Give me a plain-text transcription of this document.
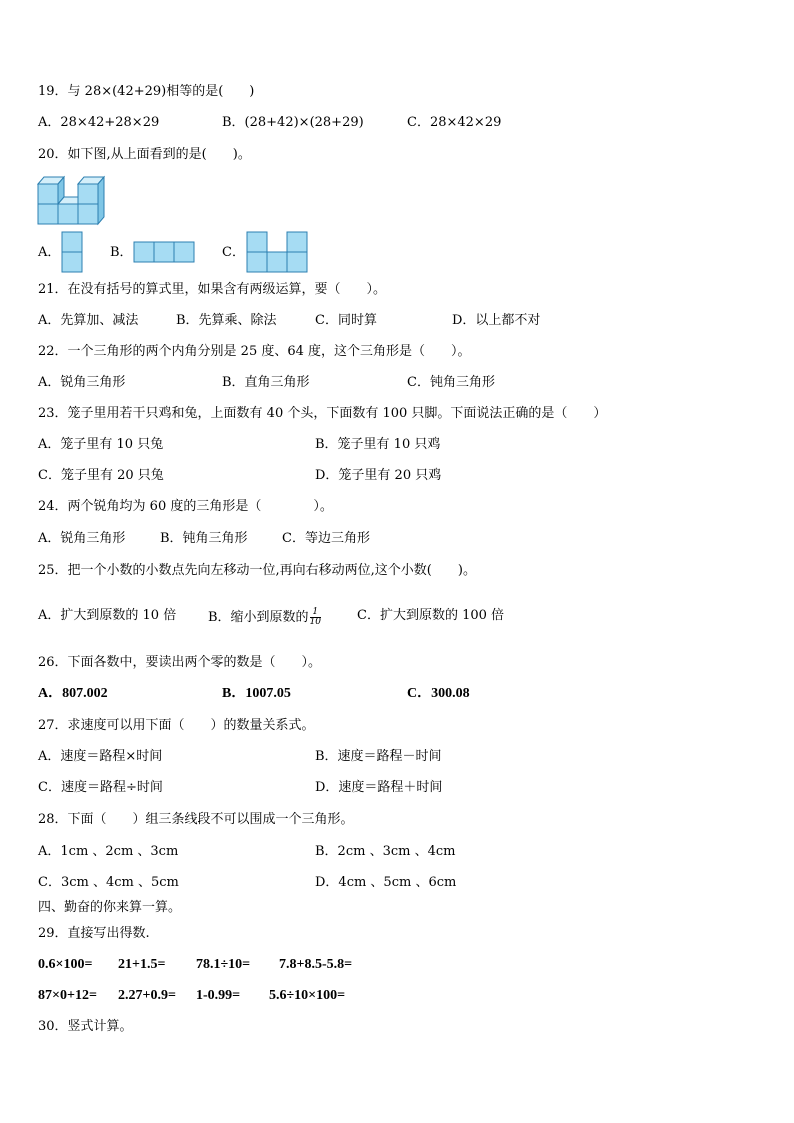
19．与 28×(42+29)相等的是(　　)
A．28×42+28×29	B．(28+42)×(28+29)	C．28×42×29
20．如下图,从上面看到的是(　　)。
A．	B．	C．
21．在没有括号的算式里，如果含有两级运算，要（　　）。
A．先算加、减法	B．先算乘、除法	C．同时算	D．以上都不对
22．一个三角形的两个内角分别是 25 度、64 度，这个三角形是（　　）。
A．锐角三角形	B．直角三角形	C．钝角三角形
23．笼子里用若干只鸡和兔，上面数有 40 个头，下面数有 100 只脚。下面说法正确的是（　　）
A．笼子里有 10 只兔	B．笼子里有 10 只鸡
C．笼子里有 20 只兔	D．笼子里有 20 只鸡
24．两个锐角均为 60 度的三角形是（　　　　）。
A．锐角三角形	B．钝角三角形	C．等边三角形
25．把一个小数的小数点先向左移动一位,再向右移动两位,这个小数(　　)。
A．扩大到原数的 10 倍 B．缩小到原数的 $\frac{1}{10}$	C．扩大到原数的 100 倍
26．下面各数中，要读出两个零的数是（　　）。
A．807.002	B．1007.05	C．300.08
27．求速度可以用下面（　　）的数量关系式。
A．速度＝路程×时间	B．速度＝路程－时间
C．速度＝路程÷时间	D．速度＝路程＋时间
28．下面（　　）组三条线段不可以围成一个三角形。
A．1cm 、2cm 、3cm	B．2cm 、3cm 、4cm
C．3cm 、4cm 、5cm	D．4cm 、5cm 、6cm
四、勤奋的你来算一算。
29．直接写出得数.
0.6×100= 21+1.5= 78.1÷10= 7.8+8.5-5.8=
87×0+12= 2.27+0.9= 1-0.99= 5.6÷10×100=
30．竖式计算。
